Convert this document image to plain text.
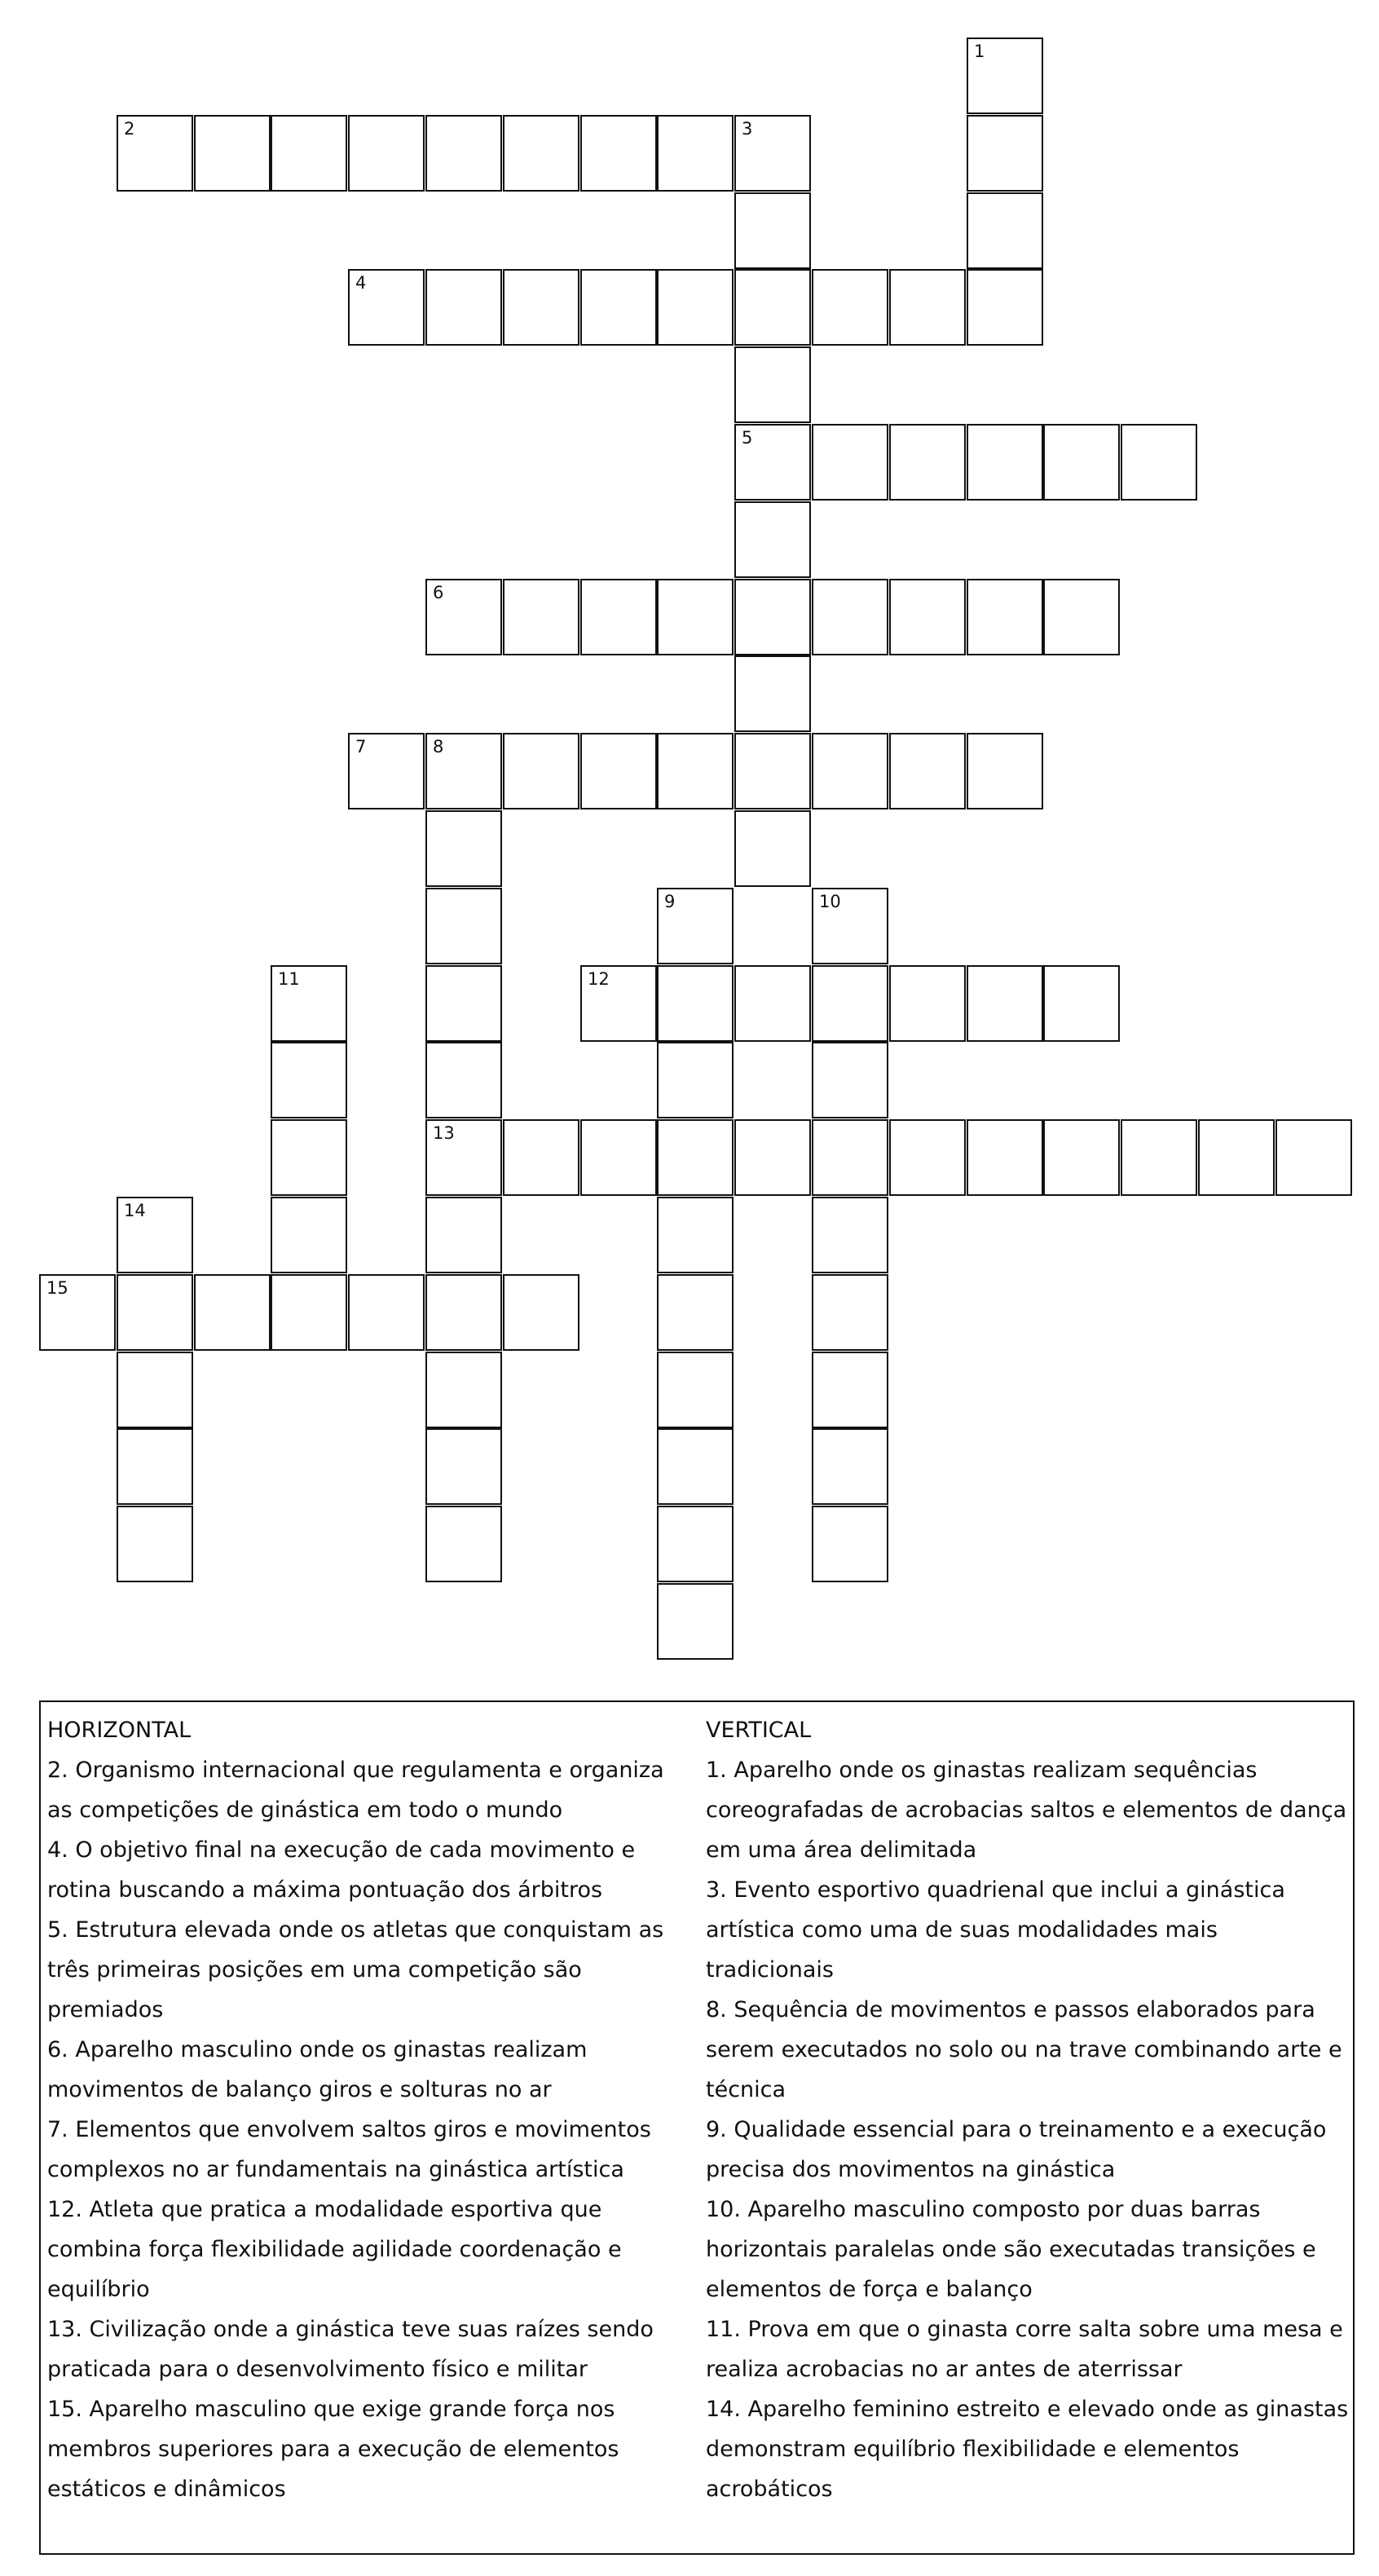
1
2	3
5
4
6
7	8
13
9	10
11	12
14
15
HORIZONTAL
2. Organismo internacional que regulamenta e organiza as competições de ginástica em todo o mundo
4. O objetivo final na execução de cada movimento e rotina buscando a máxima pontuação dos árbitros
5. Estrutura elevada onde os atletas que conquistam as três primeiras posições em uma competição são premiados
6. Aparelho masculino onde os ginastas realizam movimentos de balanço giros e solturas no ar
7. Elementos que envolvem saltos giros e movimentos complexos no ar fundamentais na ginástica artística
12. Atleta que pratica a modalidade esportiva que combina força flexibilidade agilidade coordenação e equilíbrio
13. Civilização onde a ginástica teve suas raízes sendo praticada para o desenvolvimento físico e militar
15. Aparelho masculino que exige grande força nos membros superiores para a execução de elementos estáticos e dinâmicos
VERTICAL
1. Aparelho onde os ginastas realizam sequências coreografadas de acrobacias saltos e elementos de dança em uma área delimitada
3. Evento esportivo quadrienal que inclui a ginástica artística como uma de suas modalidades mais tradicionais
8. Sequência de movimentos e passos elaborados para serem executados no solo ou na trave combinando arte e técnica
9. Qualidade essencial para o treinamento e a execução precisa dos movimentos na ginástica
10. Aparelho masculino composto por duas barras horizontais paralelas onde são executadas transições e elementos de força e balanço
11. Prova em que o ginasta corre salta sobre uma mesa e realiza acrobacias no ar antes de aterrissar
14. Aparelho feminino estreito e elevado onde as ginastas demonstram equilíbrio flexibilidade e elementos acrobáticos
